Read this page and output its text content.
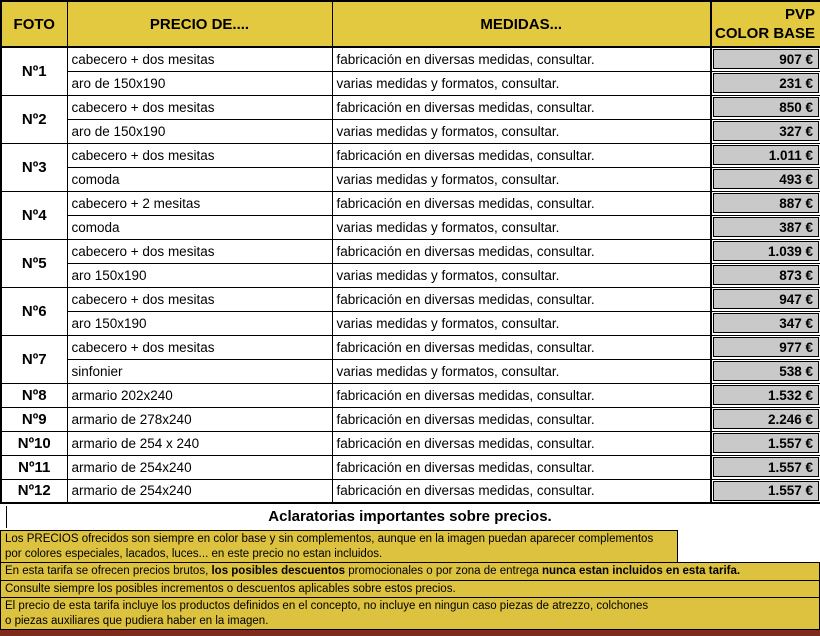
FOTO	PRECIO DE....	MEDIDAS...	PVP
COLOR BASE

Nº1	cabecero + dos mesitas	fabricación en diversas medidas, consultar.	907 €

	aro de 150x190	varias medidas y formatos, consultar.	231 €

Nº2	cabecero + dos mesitas	fabricación en diversas medidas, consultar.	850 €

	aro de 150x190	varias medidas y formatos, consultar.	327 €

Nº3	cabecero + dos mesitas	fabricación en diversas medidas, consultar.	1.011 €

	comoda	varias medidas y formatos, consultar.	493 €

Nº4	cabecero + 2 mesitas	fabricación en diversas medidas, consultar.	887 €

	comoda	varias medidas y formatos, consultar.	387 €

Nº5	cabecero + dos mesitas	fabricación en diversas medidas, consultar.	1.039 €

	aro 150x190	varias medidas y formatos, consultar.	873 €

Nº6	cabecero + dos mesitas	fabricación en diversas medidas, consultar.	947 €

	aro 150x190	varias medidas y formatos, consultar.	347 €

Nº7	cabecero + dos mesitas	fabricación en diversas medidas, consultar.	977 €

	sinfonier	varias medidas y formatos, consultar.	538 €

Nº8	armario 202x240	fabricación en diversas medidas, consultar.	1.532 €

Nº9	armario de 278x240	fabricación en diversas medidas, consultar.	2.246 €

Nº10	armario de 254 x 240	fabricación en diversas medidas, consultar.	1.557 €

Nº11	armario de 254x240	fabricación en diversas medidas, consultar.	1.557 €

Nº12	armario de 254x240	fabricación en diversas medidas, consultar.	1.557 €
Aclaratorias importantes sobre precios.
Los PRECIOS ofrecidos son siempre en color base y sin complementos, aunque en la imagen puedan aparecer complementos
por colores especiales, lacados, luces... en este precio no estan incluidos.
En esta tarifa se ofrecen precios brutos, los posibles descuentos promocionales o por zona de entrega nunca estan incluidos en esta tarifa.
Consulte siempre los posibles incrementos o descuentos aplicables sobre estos precios.
El precio de esta tarifa incluye los productos definidos en el concepto, no incluye en ningun caso piezas de atrezzo, colchones
o piezas auxiliares que pudiera haber en la imagen.
